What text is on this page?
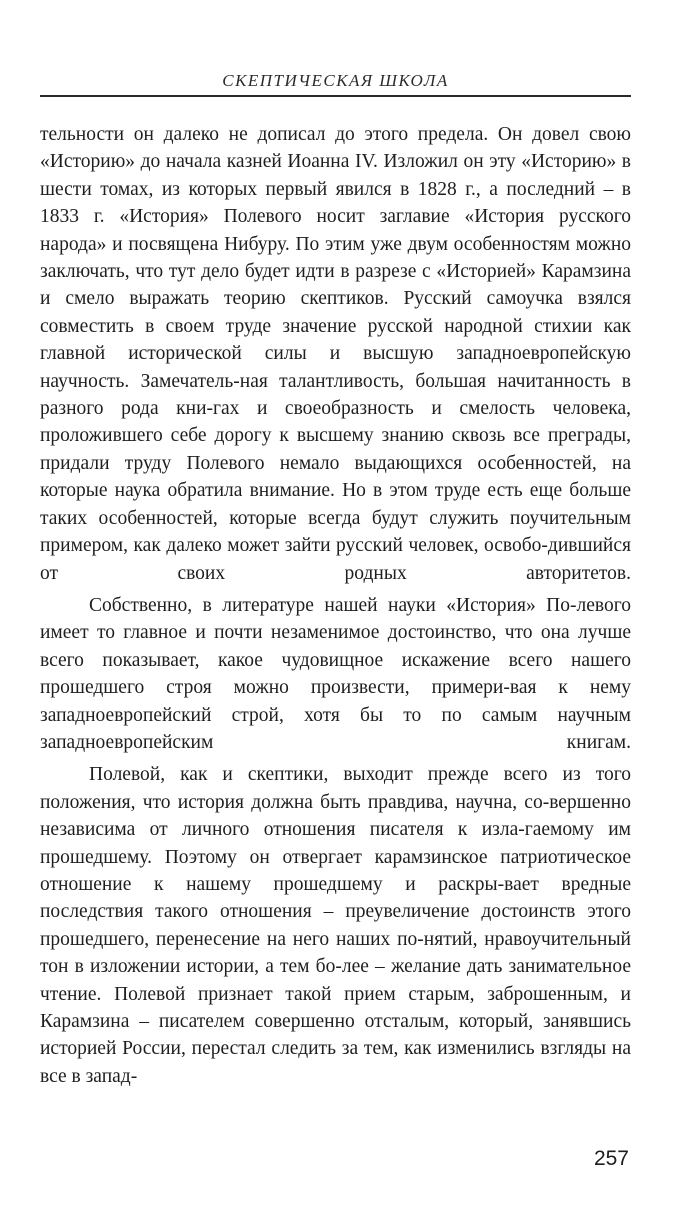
СКЕПТИЧЕСКАЯ ШКОЛА

тельности он далеко не дописал до этого предела. Он довел свою «Историю» до начала казней Иоанна IV. Изложил он эту «Историю» в шести томах, из которых первый явился в 1828 г., а последний – в 1833 г. «История» Полевого носит заглавие «История русского народа» и посвящена Нибуру. По этим уже двум особенностям можно заключать, что тут дело будет идти в разрезе с «Историей» Карамзина и смело выражать теорию скептиков. Русский самоучка взялся совместить в своем труде значение русской народной стихии как главной исторической силы и высшую западноевропейскую научность. Замечатель-ная талантливость, большая начитанность в разного рода кни-гах и своеобразность и смелость человека, проложившего себе дорогу к высшему знанию сквозь все преграды, придали труду Полевого немало выдающихся особенностей, на которые наука обратила внимание. Но в этом труде есть еще больше таких особенностей, которые всегда будут служить поучительным примером, как далеко может зайти русский человек, освобо-дившийся от своих родных авторитетов.

Собственно, в литературе нашей науки «История» По-левого имеет то главное и почти незаменимое достоинство, что она лучше всего показывает, какое чудовищное искажение всего нашего прошедшего строя можно произвести, примери-вая к нему западноевропейский строй, хотя бы то по самым научным западноевропейским книгам.

Полевой, как и скептики, выходит прежде всего из того положения, что история должна быть правдива, научна, со-вершенно независима от личного отношения писателя к изла-гаемому им прошедшему. Поэтому он отвергает карамзинское патриотическое отношение к нашему прошедшему и раскры-вает вредные последствия такого отношения – преувеличение достоинств этого прошедшего, перенесение на него наших по-нятий, нравоучительный тон в изложении истории, а тем бо-лее – желание дать занимательное чтение. Полевой признает такой прием старым, заброшенным, и Карамзина – писателем совершенно отсталым, который, занявшись историей России, перестал следить за тем, как изменились взгляды на все в запад-

257
